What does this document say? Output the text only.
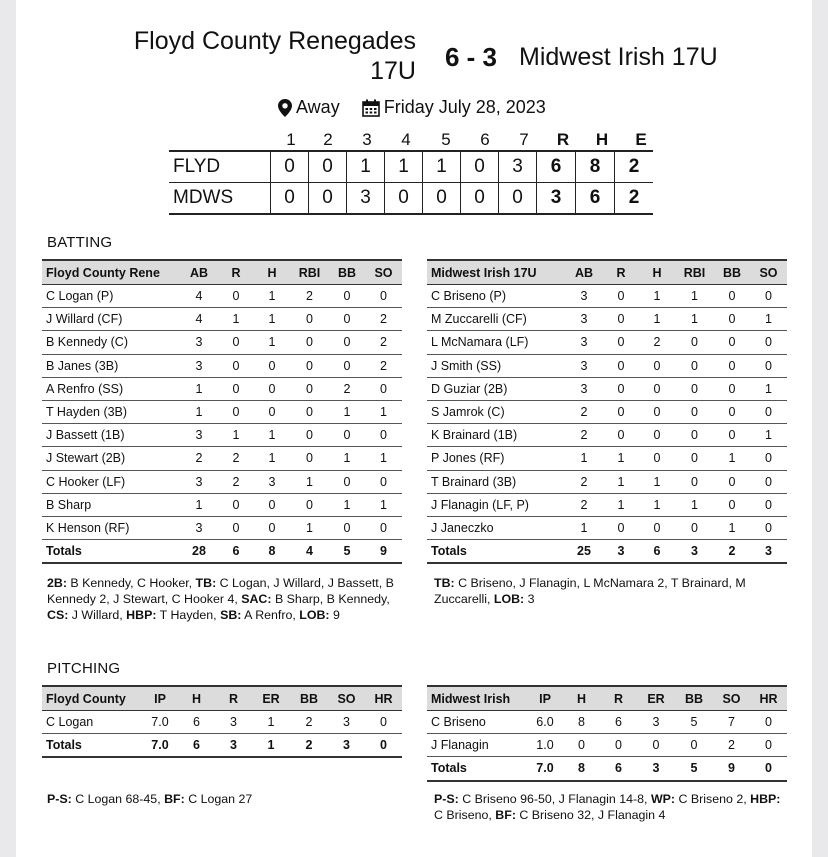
Floyd County Renegades 17U	6 - 3 Midwest Irish 17U
Away Friday July 28, 2023
1	2	3	4	5	6	7	R	H	E
FLYD	0	0	1	1	1	0	3	6	8	2
MDWS	0	0	3	0	0	0	0	3	6	2
BATTING
Floyd County Rene	AB	R	H	RBI	BB	SO
C Logan (P)	4	0	1	2	0	0
J Willard (CF)	4	1	1	0	0	2
B Kennedy (C)	3	0	1	0	0	2
B Janes (3B)	3	0	0	0	0	2
A Renfro (SS)	1	0	0	0	2	0
T Hayden (3B)	1	0	0	0	1	1
J Bassett (1B)	3	1	1	0	0	0
J Stewart (2B)	2	2	1	0	1	1
C Hooker (LF)	3	2	3	1	0	0
B Sharp	1	0	0	0	1	1
K Henson (RF)	3	0	0	1	0	0
Totals	28	6	8	4	5	9
Midwest Irish 17U	AB	R	H	RBI	BB	SO
C Briseno (P)	3	0	1	1	0	0
M Zuccarelli (CF)	3	0	1	1	0	1
L McNamara (LF)	3	0	2	0	0	0
J Smith (SS)	3	0	0	0	0	0
D Guziar (2B)	3	0	0	0	0	1
S Jamrok (C)	2	0	0	0	0	0
K Brainard (1B)	2	0	0	0	0	1
P Jones (RF)	1	1	0	0	1	0
T Brainard (3B)	2	1	1	0	0	0
J Flanagin (LF, P)	2	1	1	1	0	0
J Janeczko	1	0	0	0	1	0
Totals	25	3	6	3	2	3
2B: B Kennedy, C Hooker, TB: C Logan, J Willard, J Bassett, B Kennedy 2, J Stewart, C Hooker 4, SAC: B Sharp, B Kennedy, CS: J Willard, HBP: T Hayden, SB: A Renfro, LOB: 9
TB: C Briseno, J Flanagin, L McNamara 2, T Brainard, M Zuccarelli, LOB: 3
PITCHING
Floyd County	IP	H	R	ER	BB	SO	HR
C Logan	7.0	6	3	1	2	3	0
Totals	7.0	6	3	1	2	3	0
Midwest Irish	IP	H	R	ER	BB	SO	HR
C Briseno	6.0	8	6	3	5	7	0
J Flanagin	1.0	0	0	0	0	2	0
Totals	7.0	8	6	3	5	9	0
P-S: C Logan 68-45, BF: C Logan 27	P-S: C Briseno 96-50, J Flanagin 14-8, WP: C Briseno 2, HBP: C Briseno, BF: C Briseno 32, J Flanagin 4
